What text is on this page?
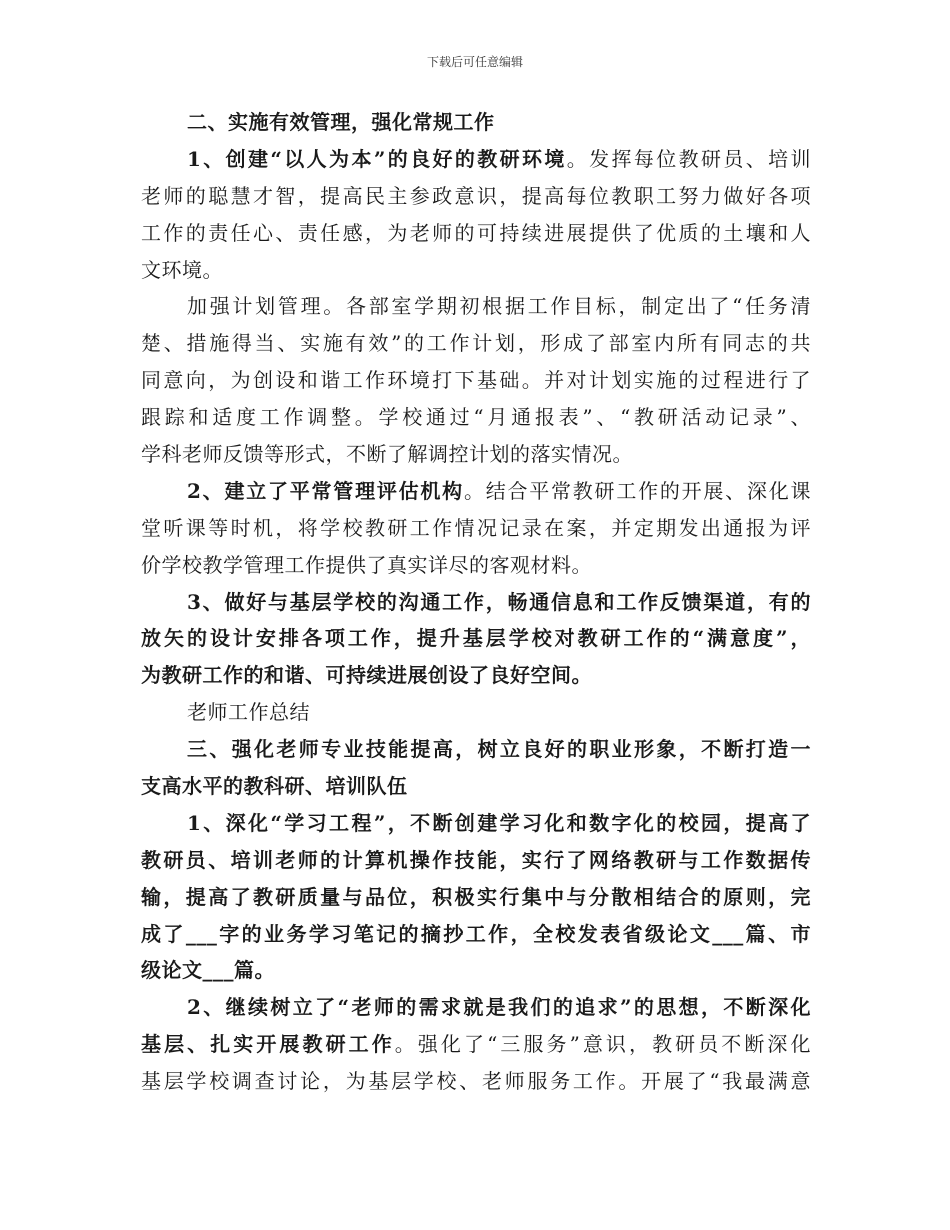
下载后可任意编辑
二、实施有效管理，强化常规工作
1、创建“以人为本”的良好的教研环境。发挥每位教研员、培训
老师的聪慧才智，提高民主参政意识，提高每位教职工努力做好各项
工作的责任心、责任感，为老师的可持续进展提供了优质的土壤和人
文环境。
加强计划管理。各部室学期初根据工作目标，制定出了“任务清
楚、措施得当、实施有效”的工作计划，形成了部室内所有同志的共
同意向，为创设和谐工作环境打下基础。并对计划实施的过程进行了
跟踪和适度工作调整。学校通过“月通报表”、“教研活动记录”、
学科老师反馈等形式，不断了解调控计划的落实情况。
2、建立了平常管理评估机构。结合平常教研工作的开展、深化课
堂听课等时机，将学校教研工作情况记录在案，并定期发出通报为评
价学校教学管理工作提供了真实详尽的客观材料。
3、做好与基层学校的沟通工作，畅通信息和工作反馈渠道，有的
放矢的设计安排各项工作，提升基层学校对教研工作的“满意度”，
为教研工作的和谐、可持续进展创设了良好空间。
老师工作总结
三、强化老师专业技能提高，树立良好的职业形象，不断打造一
支高水平的教科研、培训队伍
1、深化“学习工程”，不断创建学习化和数字化的校园，提高了
教研员、培训老师的计算机操作技能，实行了网络教研与工作数据传
输，提高了教研质量与品位，积极实行集中与分散相结合的原则，完
成了___字的业务学习笔记的摘抄工作，全校发表省级论文___篇、市
级论文___篇。
2、继续树立了“老师的需求就是我们的追求”的思想，不断深化
基层、扎实开展教研工作。强化了“三服务”意识，教研员不断深化
基层学校调查讨论，为基层学校、老师服务工作。开展了“我最满意
